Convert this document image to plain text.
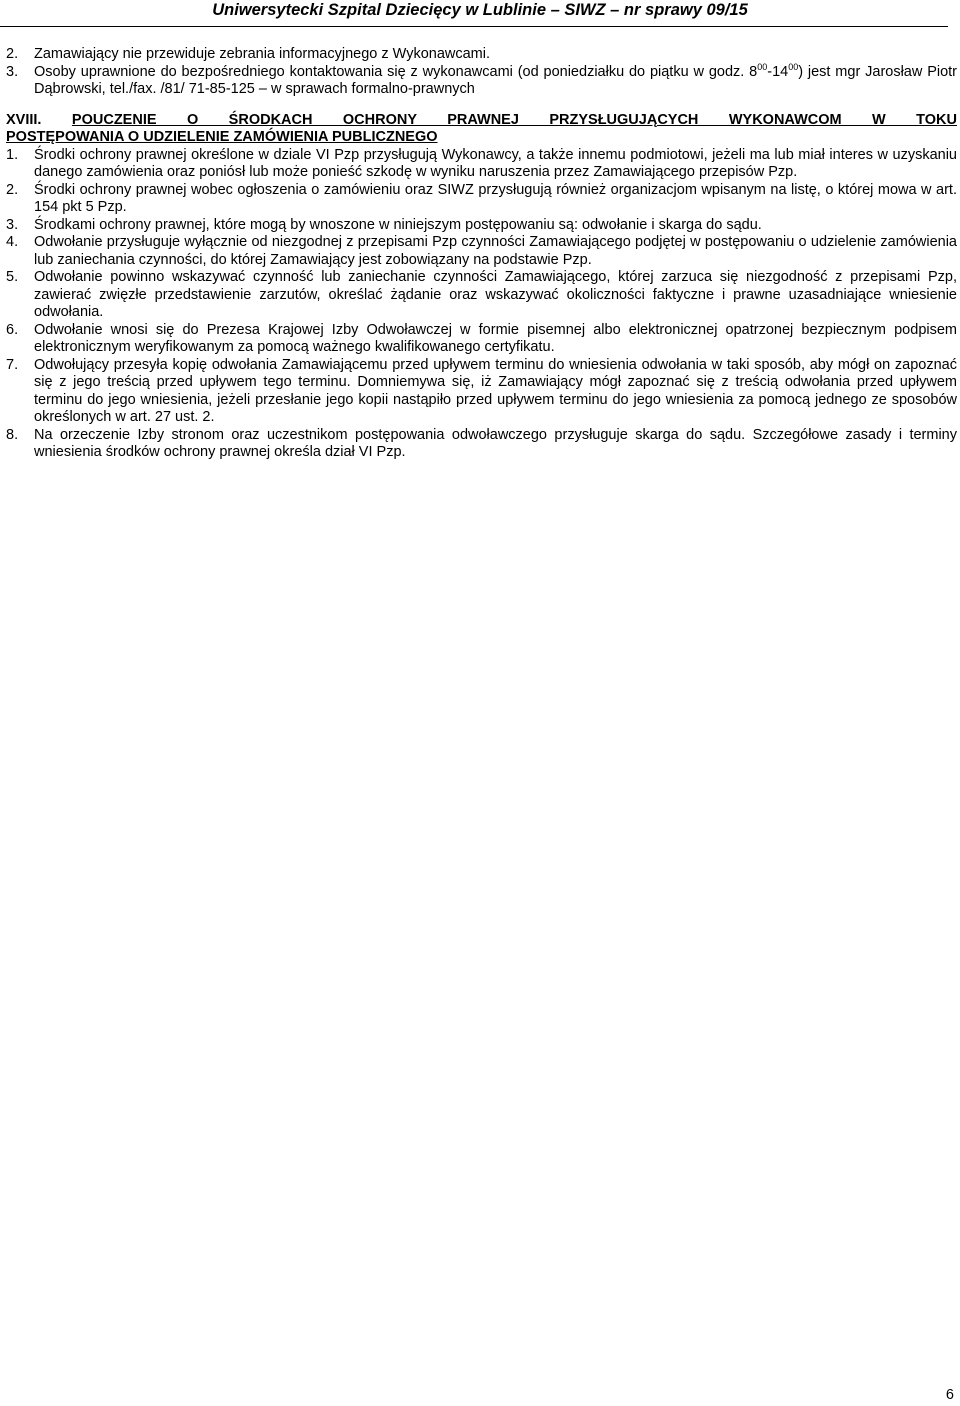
Uniwersytecki Szpital Dziecięcy w Lublinie – SIWZ – nr sprawy 09/15
2. Zamawiający nie przewiduje zebrania informacyjnego z Wykonawcami.
3. Osoby uprawnione do bezpośredniego kontaktowania się z wykonawcami (od poniedziałku do piątku w godz. $8^{00}-14^{00}$) jest mgr Jarosław Piotr Dąbrowski, tel./fax. /81/ 71-85-125 – w sprawach formalno-prawnych
XVIII. POUCZENIE O ŚRODKACH OCHRONY PRAWNEJ PRZYSŁUGUJĄCYCH WYKONAWCOM W TOKU
POSTĘPOWANIA O UDZIELENIE ZAMÓWIENIA PUBLICZNEGO
1. Środki ochrony prawnej określone w dziale VI Pzp przysługują Wykonawcy, a także innemu podmiotowi, jeżeli ma lub miał interes w uzyskaniu danego zamówienia oraz poniósł lub może ponieść szkodę w wyniku naruszenia przez Zamawiającego przepisów Pzp.
2. Środki ochrony prawnej wobec ogłoszenia o zamówieniu oraz SIWZ przysługują również organizacjom wpisanym na listę, o której mowa w art. 154 pkt 5 Pzp.
3. Środkami ochrony prawnej, które mogą by wnoszone w niniejszym postępowaniu są: odwołanie i skarga do sądu.
4. Odwołanie przysługuje wyłącznie od niezgodnej z przepisami Pzp czynności Zamawiającego podjętej w postępowaniu o udzielenie zamówienia lub zaniechania czynności, do której Zamawiający jest zobowiązany na podstawie Pzp.
5. Odwołanie powinno wskazywać czynność lub zaniechanie czynności Zamawiającego, której zarzuca się niezgodność z przepisami Pzp, zawierać zwięzłe przedstawienie zarzutów, określać żądanie oraz wskazywać okoliczności faktyczne i prawne uzasadniające wniesienie odwołania.
6. Odwołanie wnosi się do Prezesa Krajowej Izby Odwoławczej w formie pisemnej albo elektronicznej opatrzonej bezpiecznym podpisem elektronicznym weryfikowanym za pomocą ważnego kwalifikowanego certyfikatu.
7. Odwołujący przesyła kopię odwołania Zamawiającemu przed upływem terminu do wniesienia odwołania w taki sposób, aby mógł on zapoznać się z jego treścią przed upływem tego terminu. Domniemywa się, iż Zamawiający mógł zapoznać się z treścią odwołania przed upływem terminu do jego wniesienia, jeżeli przesłanie jego kopii nastąpiło przed upływem terminu do jego wniesienia za pomocą jednego ze sposobów określonych w art. 27 ust. 2.
8. Na orzeczenie Izby stronom oraz uczestnikom postępowania odwoławczego przysługuje skarga do sądu. Szczegółowe zasady i terminy wniesienia środków ochrony prawnej określa dział VI Pzp.
6
